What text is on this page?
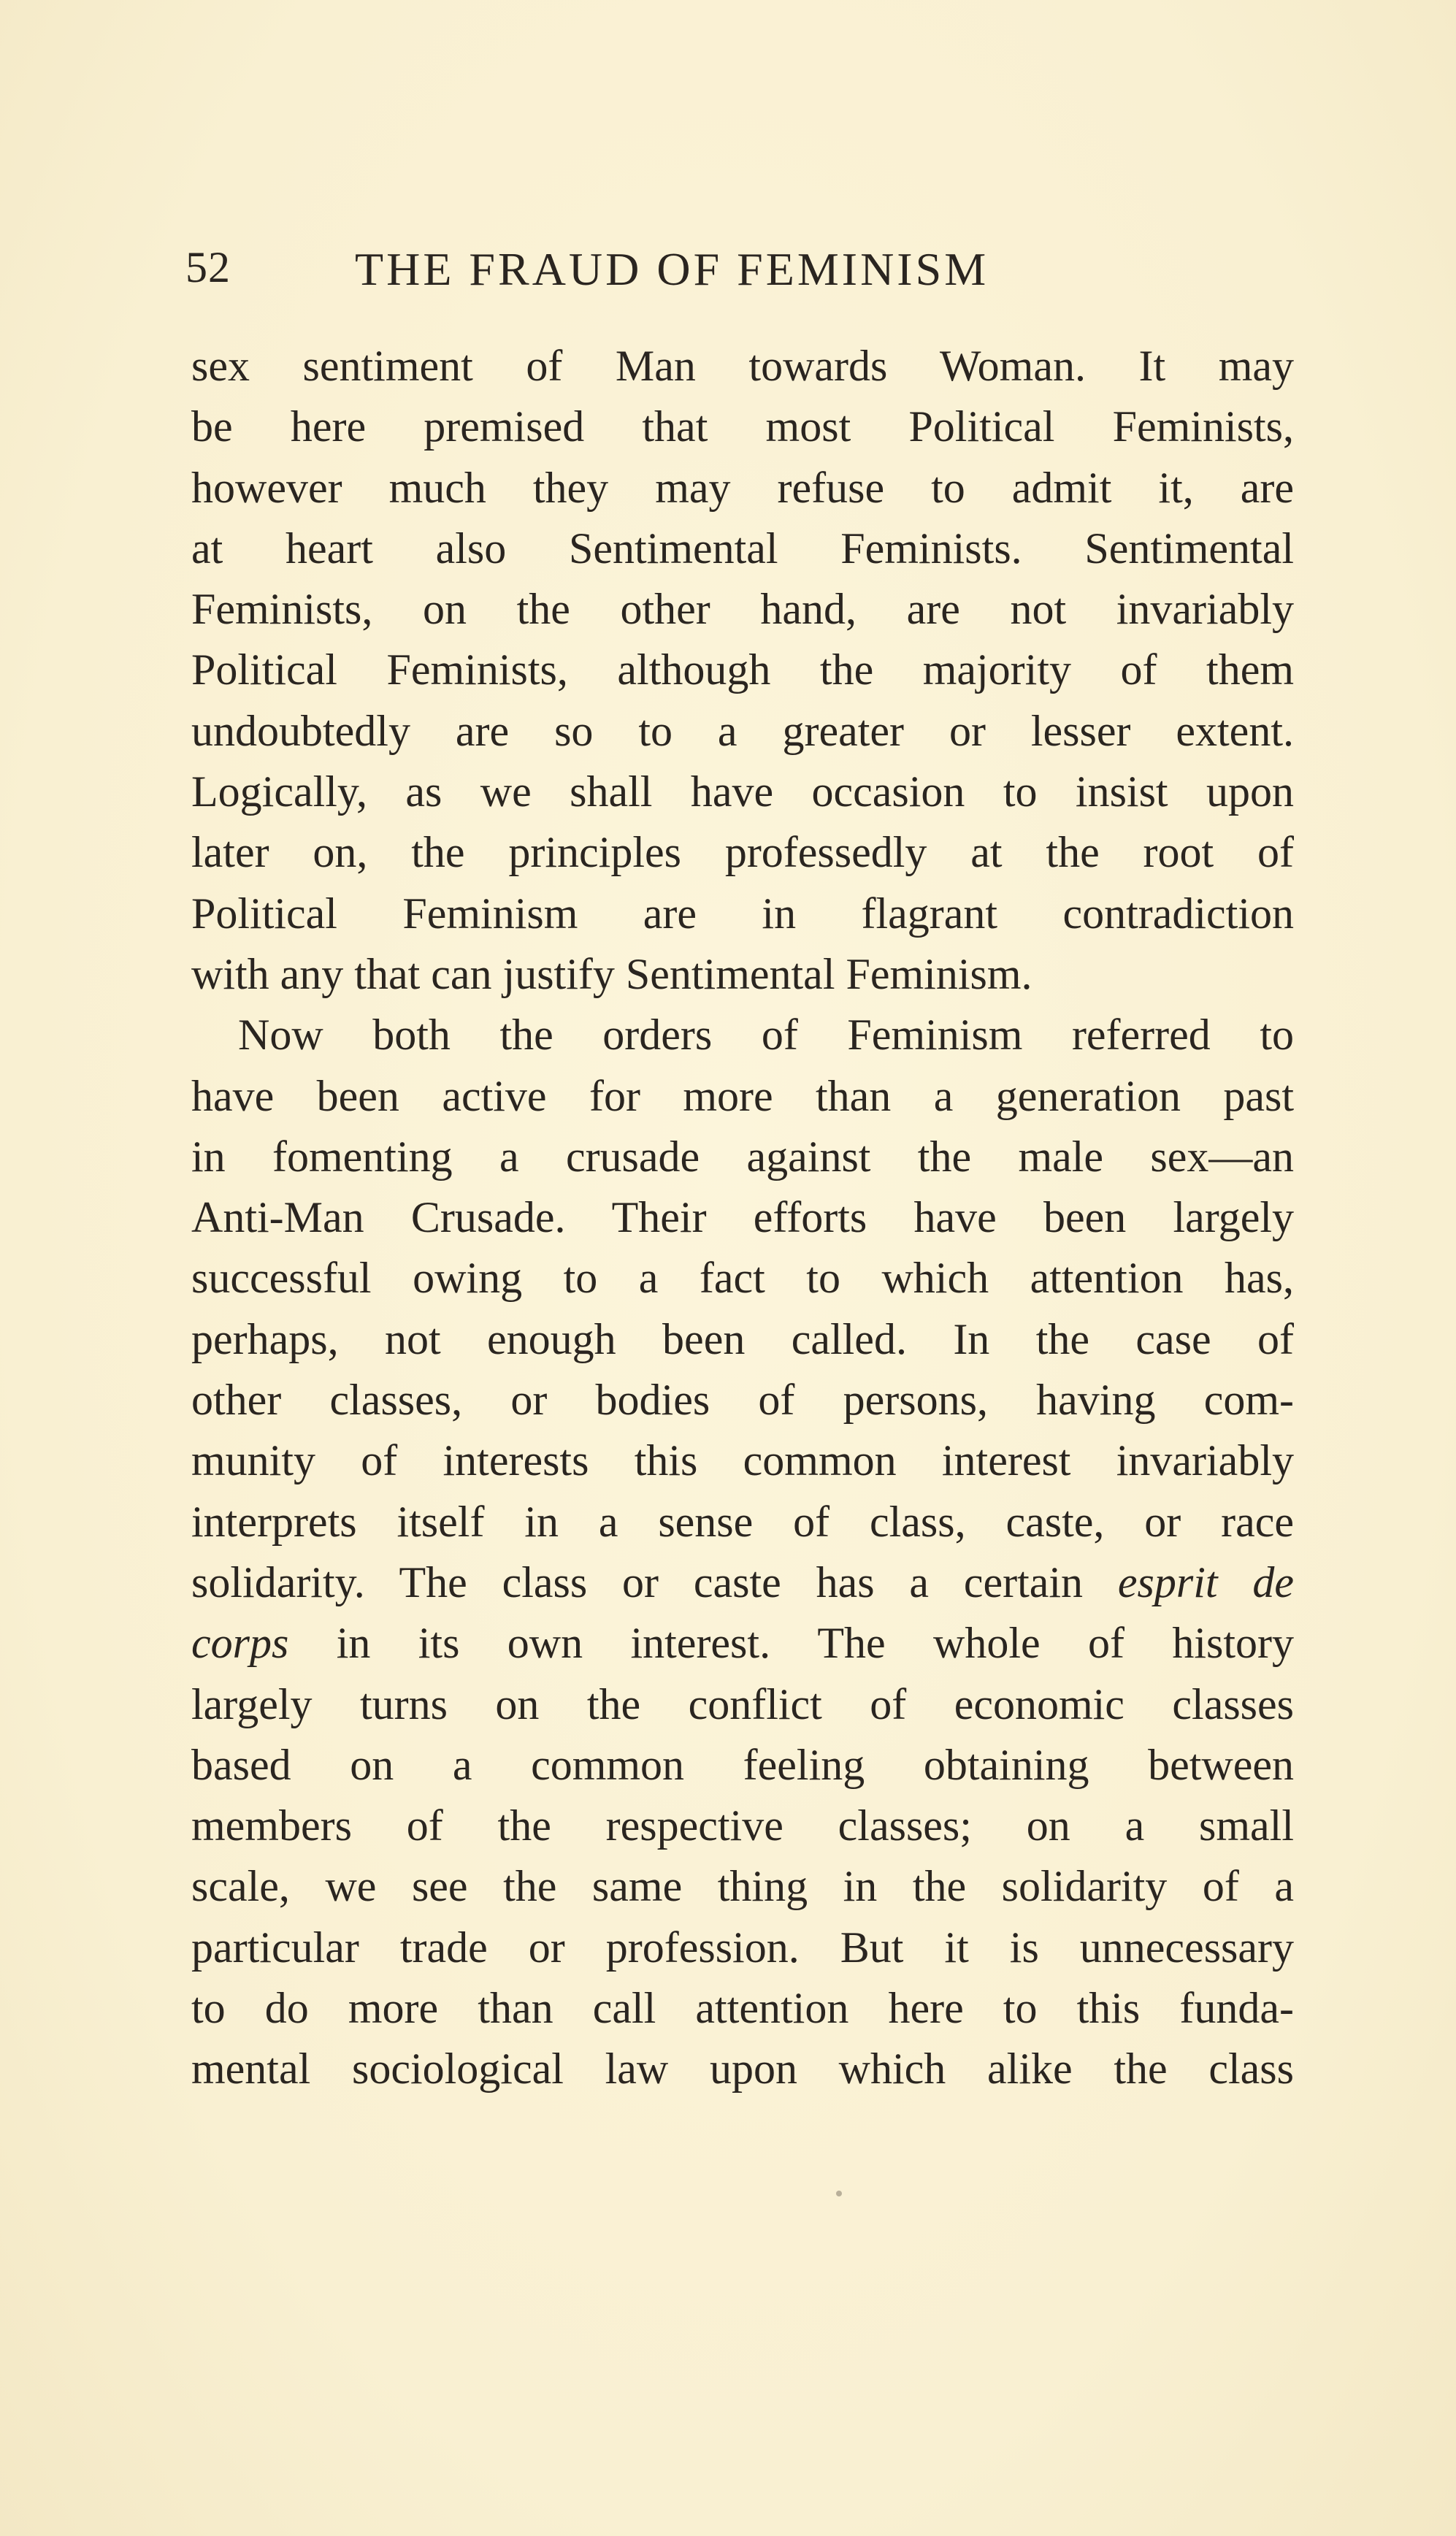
52	THE FRAUD OF FEMINISM
sex sentiment of Man towards Woman. It may
be here premised that most Political Feminists,
however much they may refuse to admit it, are
at heart also Sentimental Feminists. Sentimental
Feminists, on the other hand, are not invariably
Political Feminists, although the majority of them
undoubtedly are so to a greater or lesser extent.
Logically, as we shall have occasion to insist upon
later on, the principles professedly at the root of
Political Feminism are in flagrant contradiction
with any that can justify Sentimental Feminism.
Now both the orders of Feminism referred to
have been active for more than a generation past
in fomenting a crusade against the male sex—an
Anti-Man Crusade. Their efforts have been largely
successful owing to a fact to which attention has,
perhaps, not enough been called. In the case of
other classes, or bodies of persons, having com-
munity of interests this common interest invariably
interprets itself in a sense of class, caste, or race
solidarity. The class or caste has a certain esprit de
corps in its own interest. The whole of history
largely turns on the conflict of economic classes
based on a common feeling obtaining between
members of the respective classes; on a small
scale, we see the same thing in the solidarity of a
particular trade or profession. But it is unnecessary
to do more than call attention here to this funda-
mental sociological law upon which alike the class
